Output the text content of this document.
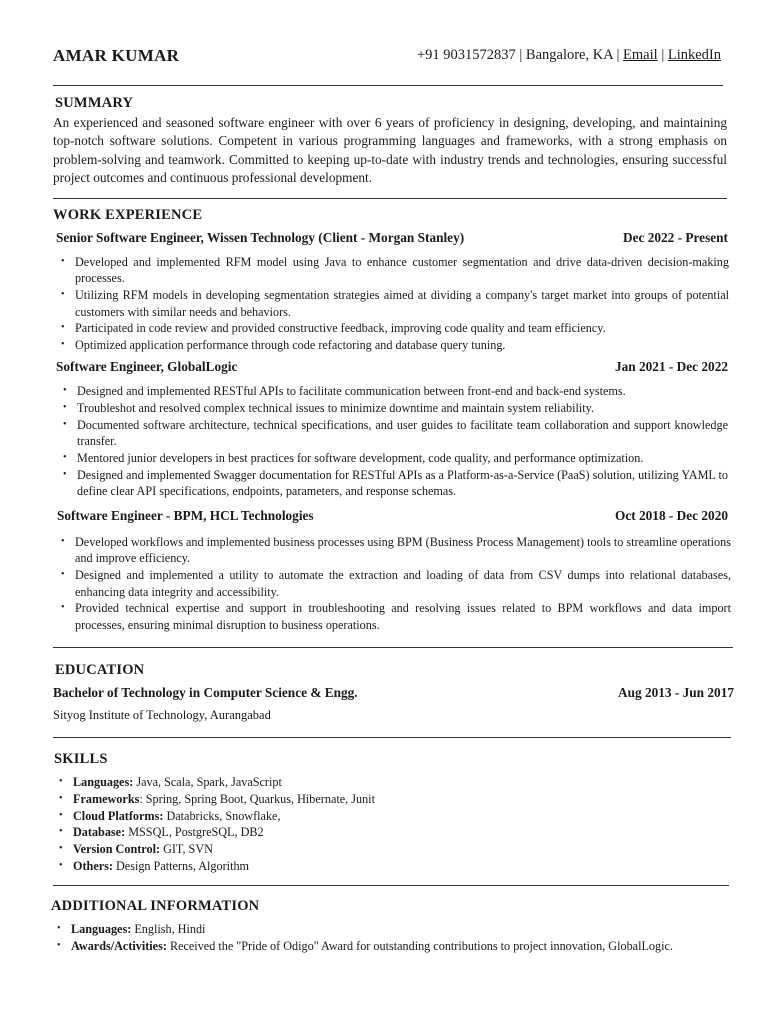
AMAR KUMAR	+91 9031572837 | Bangalore, KA | Email | LinkedIn
SUMMARY

An experienced and seasoned software engineer with over 6 years of proficiency in designing, developing, and maintaining top-notch software solutions. Competent in various programming languages and frameworks, with a strong emphasis on problem-solving and teamwork. Committed to keeping up-to-date with industry trends and technologies, ensuring successful project outcomes and continuous professional development.

WORK EXPERIENCE
Senior Software Engineer, Wissen Technology (Client - Morgan Stanley)	Dec 2022 - Present
• Developed and implemented RFM model using Java to enhance customer segmentation and drive data-driven decision-making processes.
• Utilizing RFM models in developing segmentation strategies aimed at dividing a company's target market into groups of potential customers with similar needs and behaviors.
• Participated in code review and provided constructive feedback, improving code quality and team efficiency.
• Optimized application performance through code refactoring and database query tuning.
Software Engineer, GlobalLogic	Jan 2021 - Dec 2022
• Designed and implemented RESTful APIs to facilitate communication between front-end and back-end systems.
• Troubleshot and resolved complex technical issues to minimize downtime and maintain system reliability.
• Documented software architecture, technical specifications, and user guides to facilitate team collaboration and support knowledge transfer.
• Mentored junior developers in best practices for software development, code quality, and performance optimization.
• Designed and implemented Swagger documentation for RESTful APIs as a Platform-as-a-Service (PaaS) solution, utilizing YAML to define clear API specifications, endpoints, parameters, and response schemas.
Software Engineer - BPM, HCL Technologies	Oct 2018 - Dec 2020
• Developed workflows and implemented business processes using BPM (Business Process Management) tools to streamline operations and improve efficiency.
• Designed and implemented a utility to automate the extraction and loading of data from CSV dumps into relational databases, enhancing data integrity and accessibility.
• Provided technical expertise and support in troubleshooting and resolving issues related to BPM workflows and data import processes, ensuring minimal disruption to business operations.
EDUCATION
Bachelor of Technology in Computer Science & Engg.	Aug 2013 - Jun 2017
Sityog Institute of Technology, Aurangabad
SKILLS
• Languages: Java, Scala, Spark, JavaScript
• Frameworks: Spring, Spring Boot, Quarkus, Hibernate, Junit
• Cloud Platforms: Databricks, Snowflake,
• Database: MSSQL, PostgreSQL, DB2
• Version Control: GIT, SVN
• Others: Design Patterns, Algorithm
ADDITIONAL INFORMATION
• Languages: English, Hindi
• Awards/Activities: Received the "Pride of Odigo" Award for outstanding contributions to project innovation, GlobalLogic.
